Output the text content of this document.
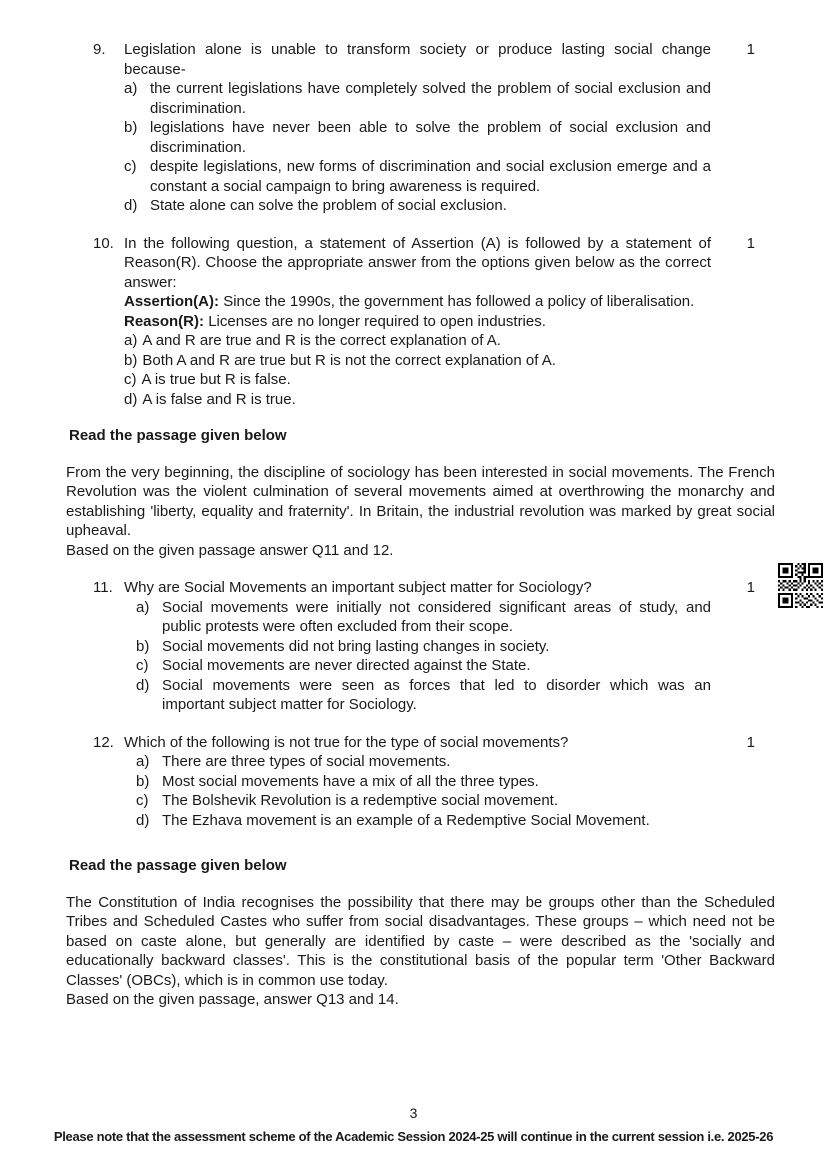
9.	Legislation alone is unable to transform society or produce lasting social change because-

a) the current legislations have completely solved the problem of social exclusion and discrimination.
b) legislations have never been able to solve the problem of social exclusion and discrimination.
c) despite legislations, new forms of discrimination and social exclusion emerge and a constant a social campaign to bring awareness is required.
d) State alone can solve the problem of social exclusion.
1
10. In the following question, a statement of Assertion (A) is followed by a statement of Reason(R). Choose the appropriate answer from the options given below as the correct answer:

Assertion(A): Since the 1990s, the government has followed a policy of liberalisation.

Reason(R): Licenses are no longer required to open industries.

a) A and R are true and R is the correct explanation of A.
b) Both A and R are true but R is not the correct explanation of A.
c) A is true but R is false.
d) A is false and R is true.
1
Read the passage given below

From the very beginning, the discipline of sociology has been interested in social movements. The French Revolution was the violent culmination of several movements aimed at overthrowing the monarchy and establishing 'liberty, equality and fraternity'. In Britain, the industrial revolution was marked by great social upheaval.

Based on the given passage answer Q11 and 12.

11. Why are Social Movements an important subject matter for Sociology?

a) Social movements were initially not considered significant areas of study, and public protests were often excluded from their scope.
b) Social movements did not bring lasting changes in society.
c) Social movements are never directed against the State.
d) Social movements were seen as forces that led to disorder which was an important subject matter for Sociology.
1
12. Which of the following is not true for the type of social movements?

a) There are three types of social movements.
b) Most social movements have a mix of all the three types.
c) The Bolshevik Revolution is a redemptive social movement.
d) The Ezhava movement is an example of a Redemptive Social Movement.
1
Read the passage given below

The Constitution of India recognises the possibility that there may be groups other than the Scheduled Tribes and Scheduled Castes who suffer from social disadvantages. These groups – which need not be based on caste alone, but generally are identified by caste – were described as the 'socially and educationally backward classes'. This is the constitutional basis of the popular term 'Other Backward Classes' (OBCs), which is in common use today.

Based on the given passage, answer Q13 and 14.

3

Please note that the assessment scheme of the Academic Session 2024-25 will continue in the current session i.e. 2025-26
